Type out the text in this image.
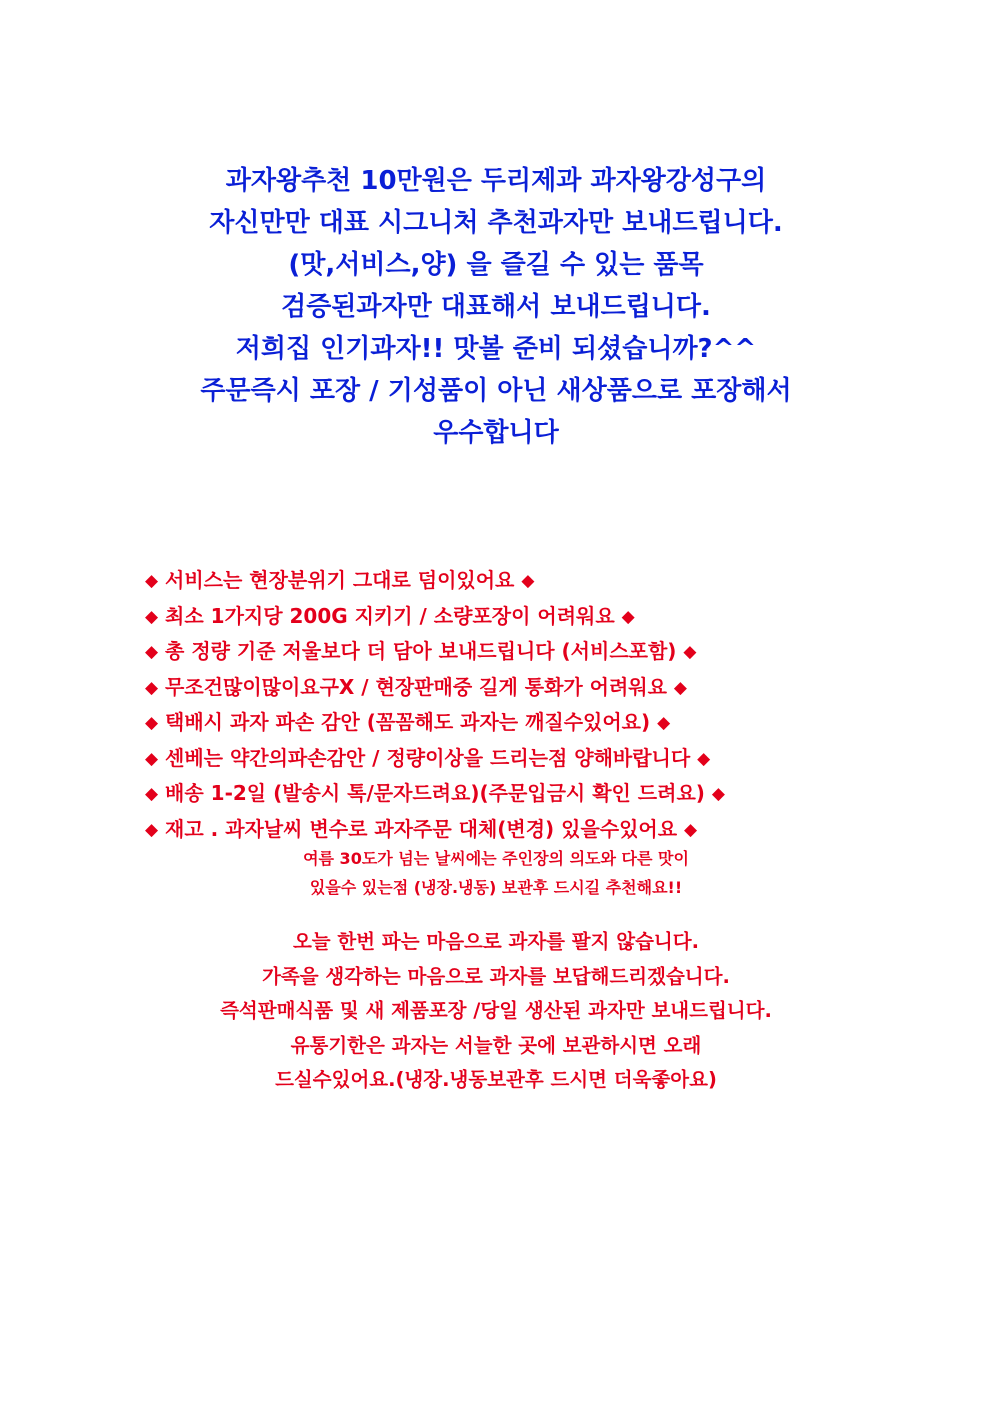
과자왕추천 10만원은 두리제과 과자왕강성구의
자신만만 대표 시그니처 추천과자만 보내드립니다.
(맛,서비스,양) 을 즐길 수 있는 품목
검증된과자만 대표해서 보내드립니다.
저희집 인기과자!! 맛볼 준비 되셨습니까?^^
주문즉시 포장 / 기성품이 아닌 새상품으로 포장해서
우수합니다
◆ 서비스는 현장분위기 그대로 덤이있어요 ◆
◆ 최소 1가지당 200G 지키기 / 소량포장이 어려워요 ◆
◆ 총 정량 기준 저울보다 더 담아 보내드립니다 (서비스포함) ◆
◆ 무조건많이많이요구X / 현장판매중 길게 통화가 어려워요 ◆
◆ 택배시 과자 파손 감안 (꼼꼼해도 과자는 깨질수있어요) ◆
◆ 센베는 약간의파손감안 / 정량이상을 드리는점 양해바랍니다 ◆
◆ 배송 1-2일 (발송시 톡/문자드려요)(주문입금시 확인 드려요) ◆
◆ 재고 . 과자날씨 변수로 과자주문 대체(변경) 있을수있어요 ◆
여름 30도가 넘는 날씨에는 주인장의 의도와 다른 맛이
있을수 있는점 (냉장.냉동) 보관후 드시길 추천해요!!
오늘 한번 파는 마음으로 과자를 팔지 않습니다.
가족을 생각하는 마음으로 과자를 보답해드리겠습니다.
즉석판매식품 및 새 제품포장 /당일 생산된 과자만 보내드립니다.
유통기한은 과자는 서늘한 곳에 보관하시면 오래
드실수있어요.(냉장.냉동보관후 드시면 더욱좋아요)
